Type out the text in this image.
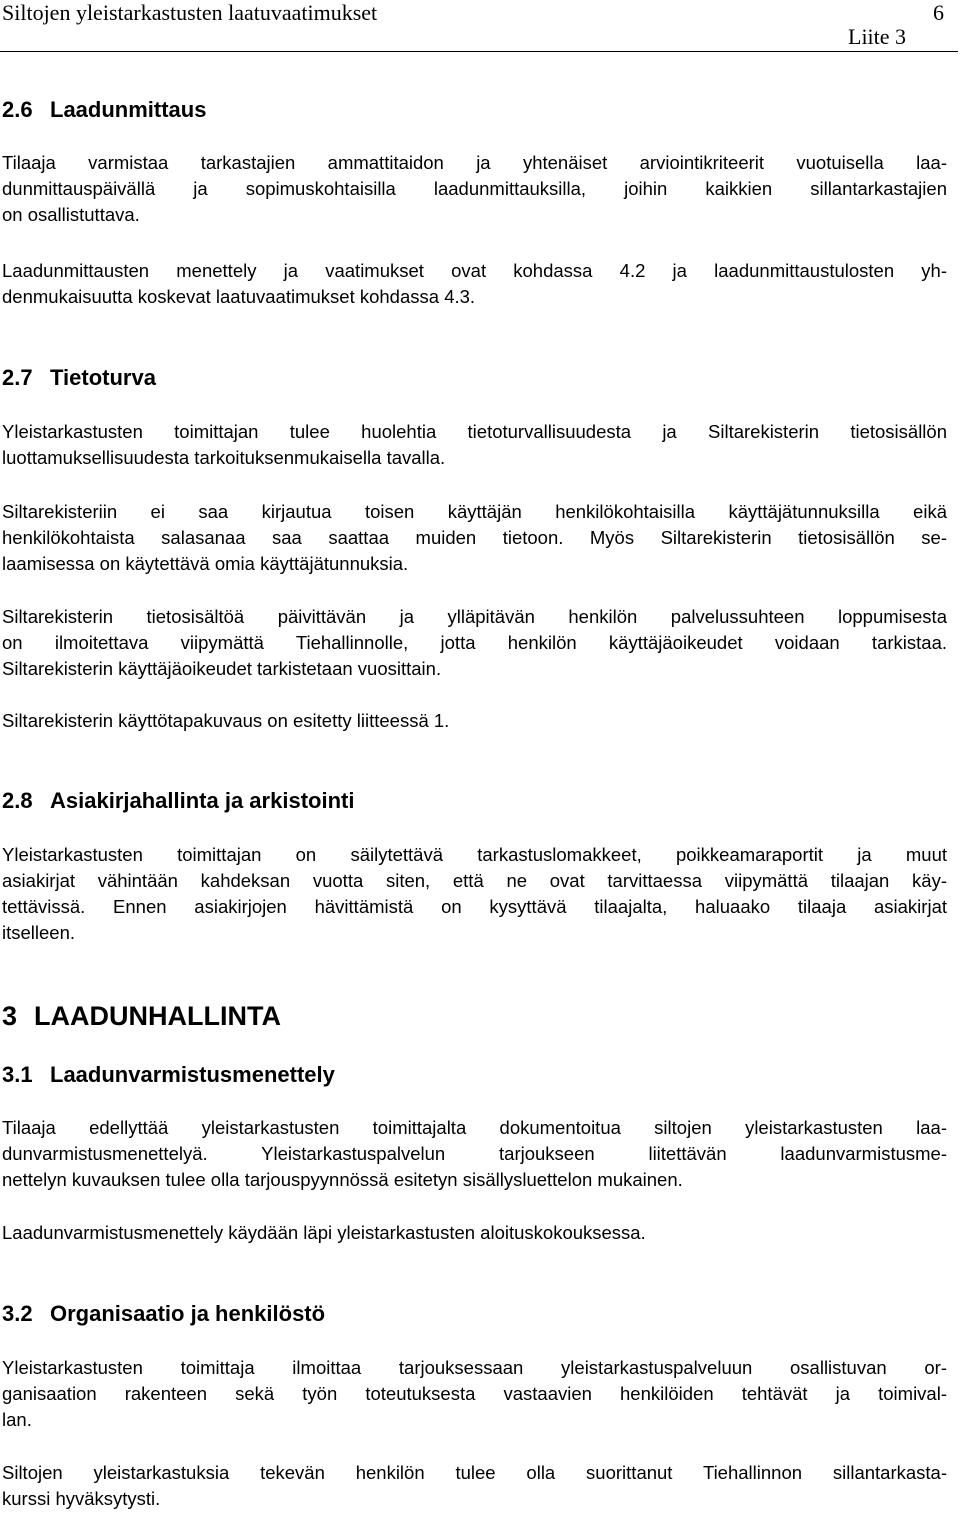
Siltojen yleistarkastusten laatuvaatimukset	6
Liite 3
2.6 Laadunmittaus
Tilaaja varmistaa tarkastajien ammattitaidon ja yhtenäiset arviointikriteerit vuotuisella laa-
dunmittauspäivällä ja sopimuskohtaisilla laadunmittauksilla, joihin kaikkien sillantarkastajien
on osallistuttava.
Laadunmittausten menettely ja vaatimukset ovat kohdassa 4.2 ja laadunmittaustulosten yh-
denmukaisuutta koskevat laatuvaatimukset kohdassa 4.3.
2.7 Tietoturva
Yleistarkastusten toimittajan tulee huolehtia tietoturvallisuudesta ja Siltarekisterin tietosisällön
luottamuksellisuudesta tarkoituksenmukaisella tavalla.
Siltarekisteriin ei saa kirjautua toisen käyttäjän henkilökohtaisilla käyttäjätunnuksilla eikä
henkilökohtaista salasanaa saa saattaa muiden tietoon. Myös Siltarekisterin tietosisällön se-
laamisessa on käytettävä omia käyttäjätunnuksia.
Siltarekisterin tietosisältöä päivittävän ja ylläpitävän henkilön palvelussuhteen loppumisesta
on ilmoitettava viipymättä Tiehallinnolle, jotta henkilön käyttäjäoikeudet voidaan tarkistaa.
Siltarekisterin käyttäjäoikeudet tarkistetaan vuosittain.
Siltarekisterin käyttötapakuvaus on esitetty liitteessä 1.
2.8 Asiakirjahallinta ja arkistointi
Yleistarkastusten toimittajan on säilytettävä tarkastuslomakkeet, poikkeamaraportit ja muut
asiakirjat vähintään kahdeksan vuotta siten, että ne ovat tarvittaessa viipymättä tilaajan käy-
tettävissä. Ennen asiakirjojen hävittämistä on kysyttävä tilaajalta, haluaako tilaaja asiakirjat
itselleen.
3 LAADUNHALLINTA
3.1 Laadunvarmistusmenettely
Tilaaja edellyttää yleistarkastusten toimittajalta dokumentoitua siltojen yleistarkastusten laa-
dunvarmistusmenettelyä. Yleistarkastuspalvelun tarjoukseen liitettävän laadunvarmistusme-
nettelyn kuvauksen tulee olla tarjouspyynnössä esitetyn sisällysluettelon mukainen.
Laadunvarmistusmenettely käydään läpi yleistarkastusten aloituskokouksessa.
3.2 Organisaatio ja henkilöstö
Yleistarkastusten toimittaja ilmoittaa tarjouksessaan yleistarkastuspalveluun osallistuvan or-
ganisaation rakenteen sekä työn toteutuksesta vastaavien henkilöiden tehtävät ja toimival-
lan.
Siltojen yleistarkastuksia tekevän henkilön tulee olla suorittanut Tiehallinnon sillantarkasta-
kurssi hyväksytysti.
